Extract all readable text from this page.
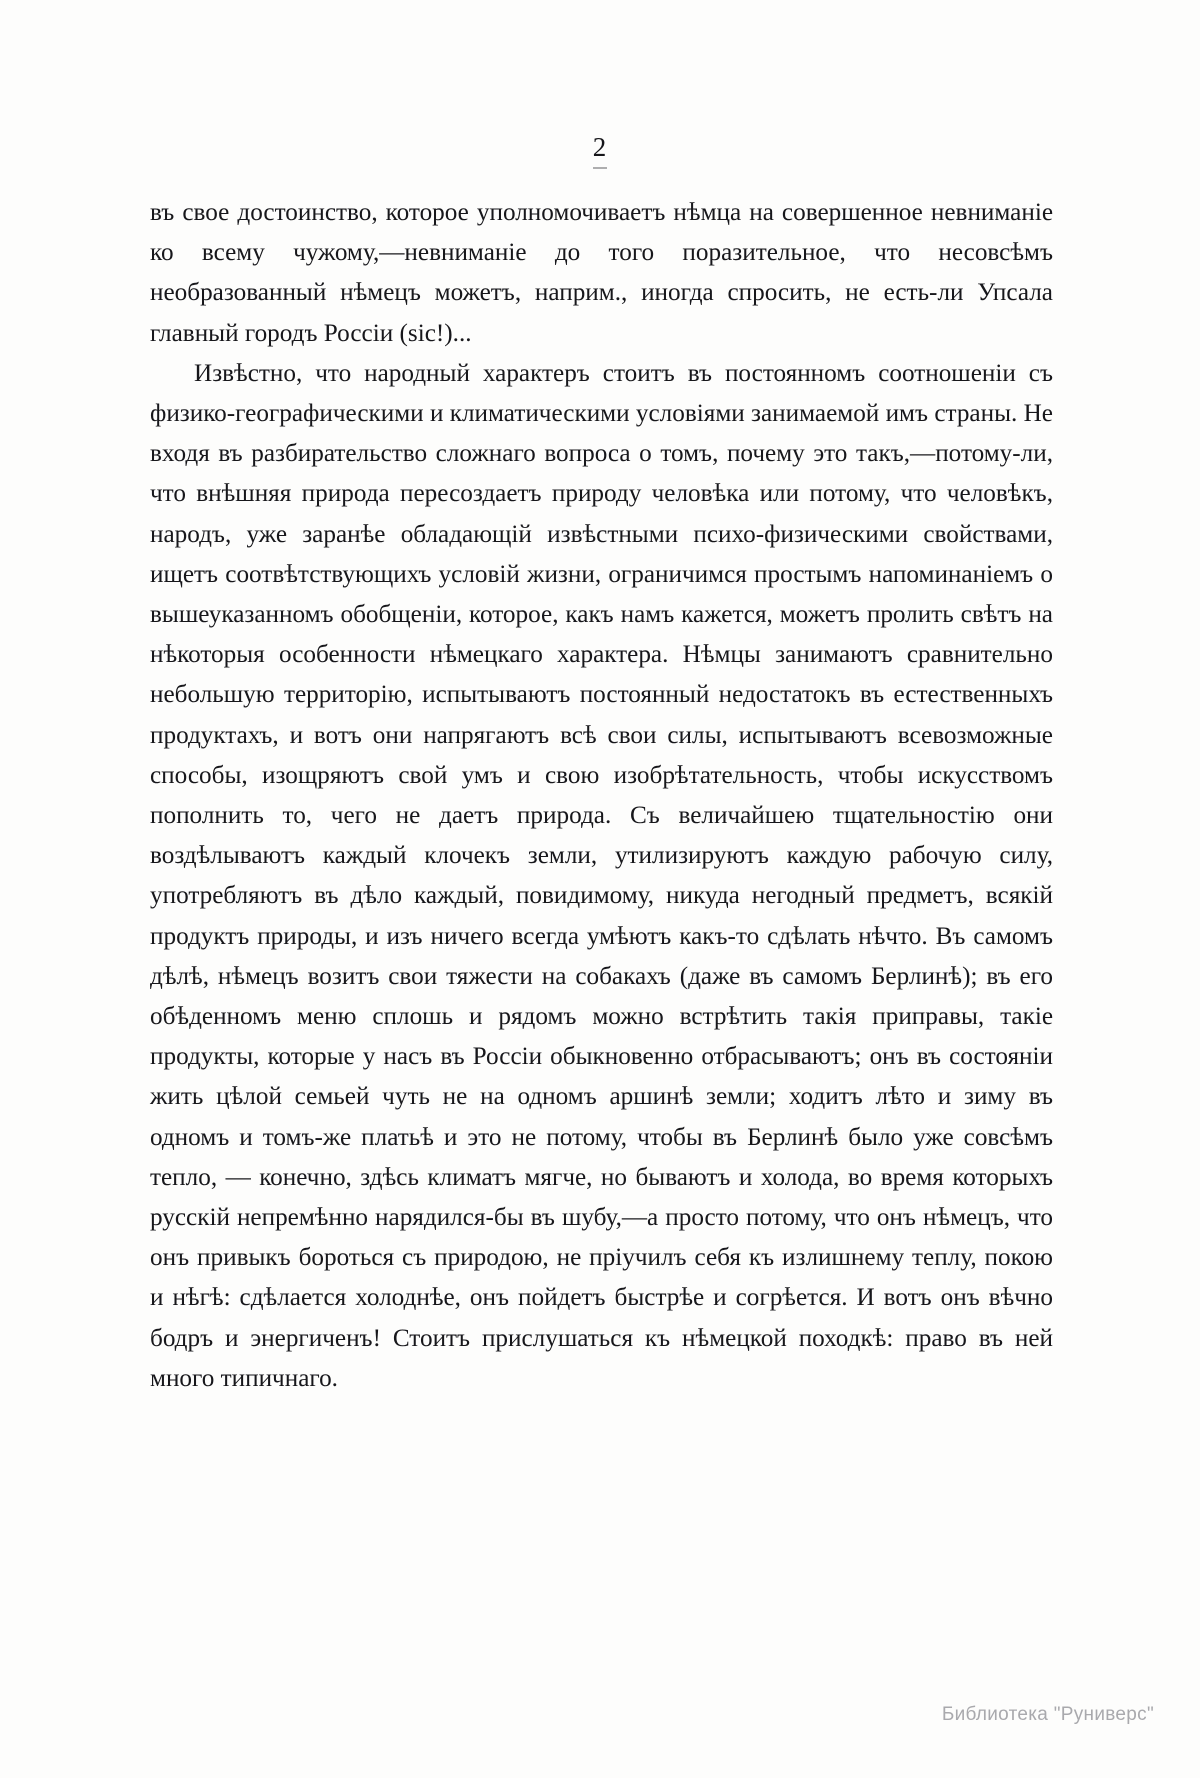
2

въ свое достоинство, которое уполномочиваетъ нѣмца на совершенное невниманіе ко всему чужому,—невниманіе до того поразительное, что несовсѣмъ необразованный нѣмецъ можетъ, наприм., иногда спросить, не есть-ли Упсала главный городъ Россіи (sic!)...

Извѣстно, что народный характеръ стоитъ въ постоянномъ соотношеніи съ физико-географическими и климатическими условіями занимаемой имъ страны. Не входя въ разбирательство сложнаго вопроса о томъ, почему это такъ,—потому-ли, что внѣшняя природа пересоздаетъ природу человѣка или потому, что человѣкъ, народъ, уже заранѣе обладающій извѣстными психо-физическими свойствами, ищетъ соотвѣтствующихъ условій жизни, ограничимся простымъ напоминаніемъ о вышеуказанномъ обобщеніи, которое, какъ намъ кажется, можетъ пролить свѣтъ на нѣкоторыя особенности нѣмецкаго характера. Нѣмцы занимаютъ сравнительно небольшую территорію, испытываютъ постоянный недостатокъ въ естественныхъ продуктахъ, и вотъ они напрягаютъ всѣ свои силы, испытываютъ всевозможные способы, изощряютъ свой умъ и свою изобрѣтательность, чтобы искусствомъ пополнить то, чего не даетъ природа. Съ величайшею тщательностію они воздѣлываютъ каждый клочекъ земли, утилизируютъ каждую рабочую силу, употребляютъ въ дѣло каждый, повидимому, никуда негодный предметъ, всякій продуктъ природы, и изъ ничего всегда умѣютъ какъ-то сдѣлать нѣчто. Въ самомъ дѣлѣ, нѣмецъ возитъ свои тяжести на собакахъ (даже въ самомъ Берлинѣ); въ его обѣденномъ меню сплошь и рядомъ можно встрѣтить такія приправы, такіе продукты, которые у насъ въ Россіи обыкновенно отбрасываютъ; онъ въ состояніи жить цѣлой семьей чуть не на одномъ аршинѣ земли; ходитъ лѣто и зиму въ одномъ и томъ-же платьѣ и это не потому, чтобы въ Берлинѣ было уже совсѣмъ тепло, — конечно, здѣсь климатъ мягче, но бываютъ и холода, во время которыхъ русскій непремѣнно нарядился-бы въ шубу,—а просто потому, что онъ нѣмецъ, что онъ привыкъ бороться съ природою, не пріучилъ себя къ излишнему теплу, покою и нѣгѣ: сдѣлается холоднѣе, онъ пойдетъ быстрѣе и согрѣется. И вотъ онъ вѣчно бодръ и энергиченъ! Стоитъ прислушаться къ нѣмецкой походкѣ: право въ ней много типичнаго.

Библиотека "Руниверс"
